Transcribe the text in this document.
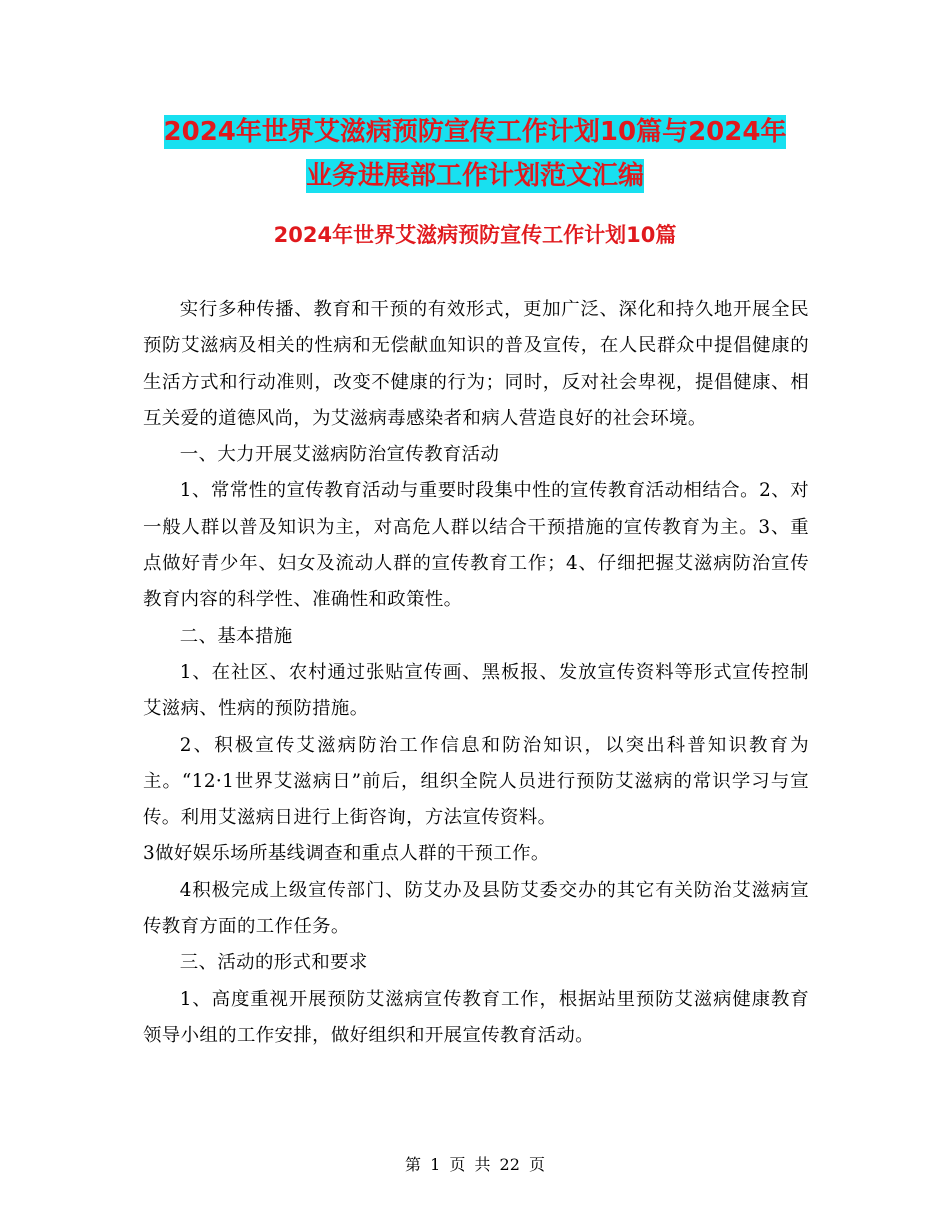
2024年世界艾滋病预防宣传工作计划10篇与2024年
业务进展部工作计划范文汇编
2024年世界艾滋病预防宣传工作计划10篇

实行多种传播、教育和干预的有效形式，更加广泛、深化和持久地开展全民预防艾滋病及相关的性病和无偿献血知识的普及宣传，在人民群众中提倡健康的生活方式和行动准则，改变不健康的行为；同时，反对社会卑视，提倡健康、相互关爱的道德风尚，为艾滋病毒感染者和病人营造良好的社会环境。

一、大力开展艾滋病防治宣传教育活动

1、常常性的宣传教育活动与重要时段集中性的宣传教育活动相结合。2、对一般人群以普及知识为主，对高危人群以结合干预措施的宣传教育为主。3、重点做好青少年、妇女及流动人群的宣传教育工作；4、仔细把握艾滋病防治宣传教育内容的科学性、准确性和政策性。

二、基本措施

1、在社区、农村通过张贴宣传画、黑板报、发放宣传资料等形式宣传控制艾滋病、性病的预防措施。

2、积极宣传艾滋病防治工作信息和防治知识，以突出科普知识教育为主。“12·1世界艾滋病日”前后，组织全院人员进行预防艾滋病的常识学习与宣传。利用艾滋病日进行上街咨询，方法宣传资料。

3做好娱乐场所基线调查和重点人群的干预工作。

4积极完成上级宣传部门、防艾办及县防艾委交办的其它有关防治艾滋病宣传教育方面的工作任务。

三、活动的形式和要求

1、高度重视开展预防艾滋病宣传教育工作，根据站里预防艾滋病健康教育领导小组的工作安排，做好组织和开展宣传教育活动。

第 1 页 共 22 页
